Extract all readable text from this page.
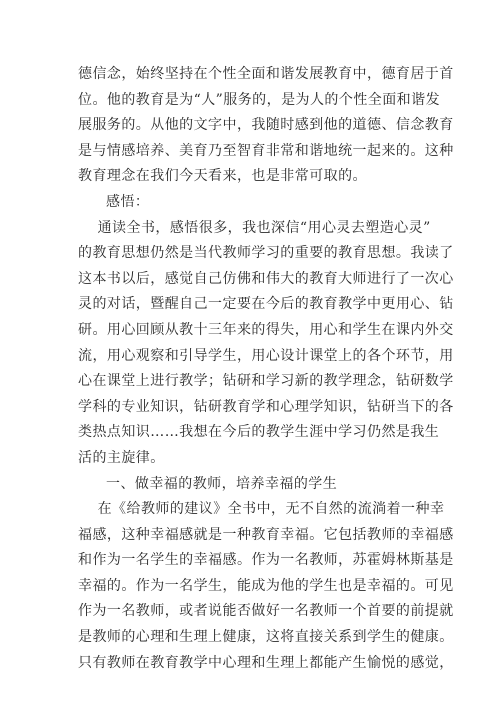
德信念，始终坚持在个性全面和谐发展教育中，德育居于首
位。他的教育是为“人”服务的，是为人的个性全面和谐发
展服务的。从他的文字中，我随时感到他的道德、信念教育
是与情感培养、美育乃至智育非常和谐地统一起来的。这种
教育理念在我们今天看来，也是非常可取的。
感悟：
通读全书，感悟很多，我也深信“用心灵去塑造心灵”
的教育思想仍然是当代教师学习的重要的教育思想。我读了
这本书以后，感觉自己仿佛和伟大的教育大师进行了一次心
灵的对话，暨醒自己一定要在今后的教育教学中更用心、钻
研。用心回顾从教十三年来的得失，用心和学生在课内外交
流，用心观察和引导学生，用心设计课堂上的各个环节，用
心在课堂上进行教学；钻研和学习新的教学理念，钻研数学
学科的专业知识，钻研教育学和心理学知识，钻研当下的各
类热点知识……我想在今后的教学生涯中学习仍然是我生
活的主旋律。
一、做幸福的教师，培养幸福的学生
在《给教师的建议》全书中，无不自然的流淌着一种幸
福感，这种幸福感就是一种教育幸福。它包括教师的幸福感
和作为一名学生的幸福感。作为一名教师，苏霍姆林斯基是
幸福的。作为一名学生，能成为他的学生也是幸福的。可见
作为一名教师，或者说能否做好一名教师一个首要的前提就
是教师的心理和生理上健康，这将直接关系到学生的健康。
只有教师在教育教学中心理和生理上都能产生愉悦的感觉，
